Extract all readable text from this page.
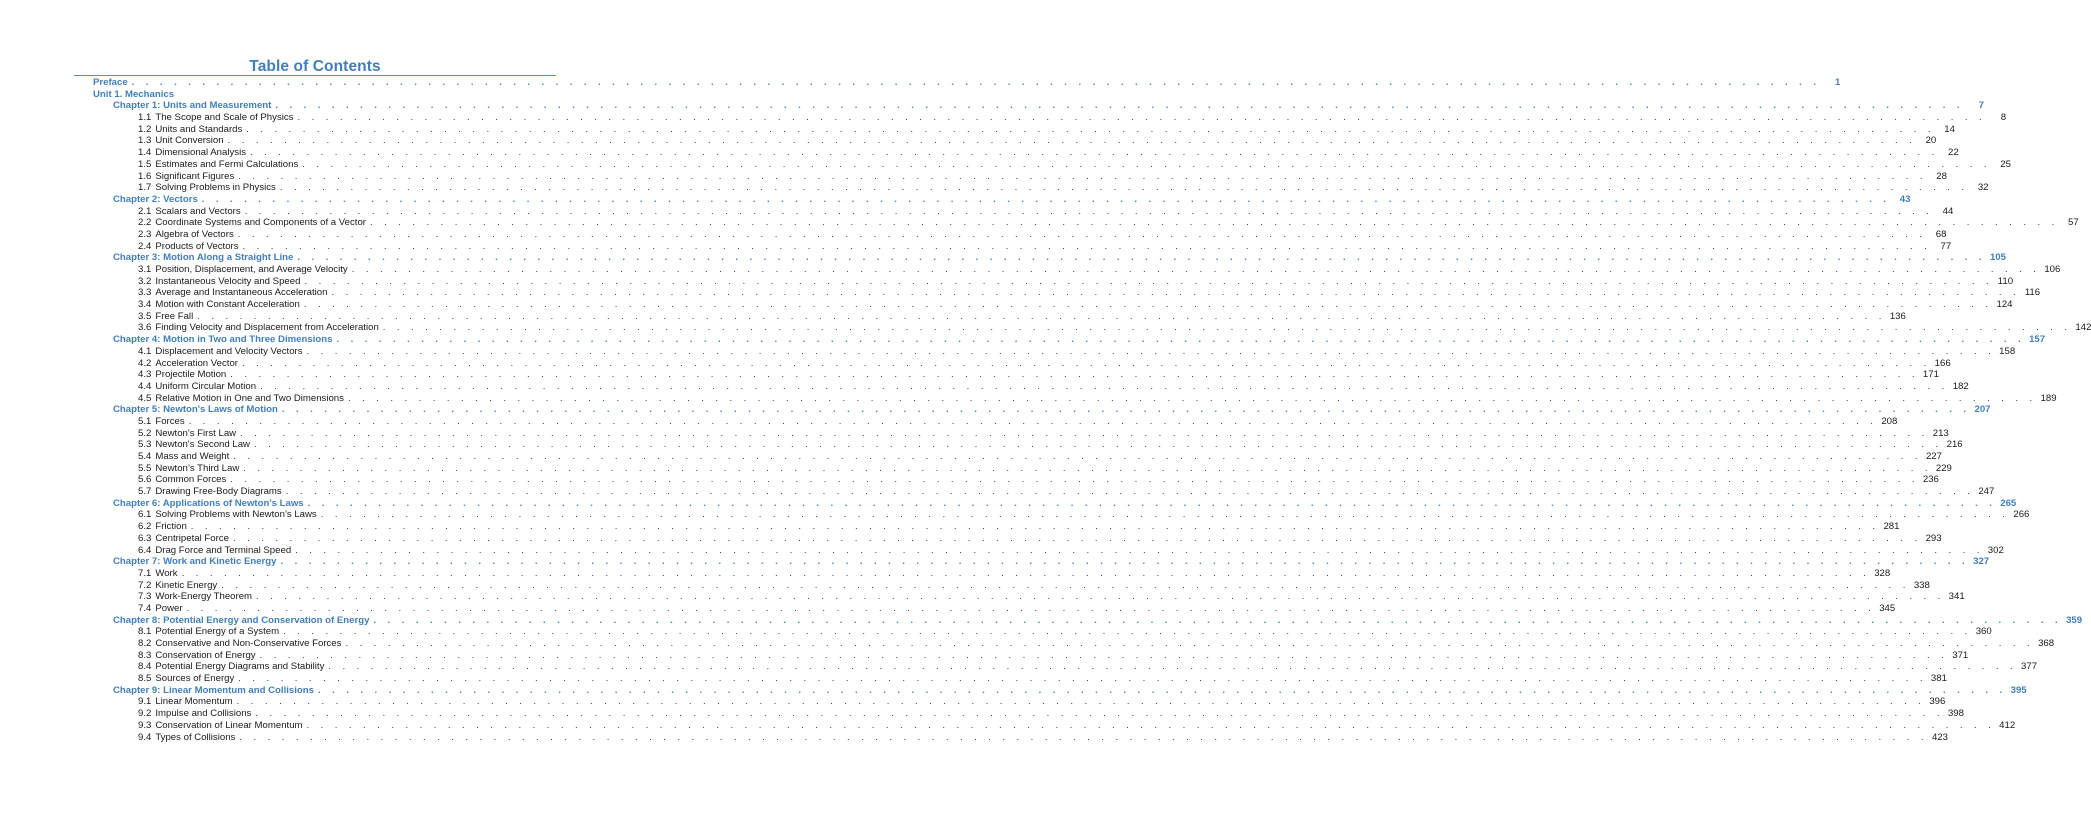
Table of Contents
Preface . . . . . . . . . . . . . . . . . . . . . . . . . . . . . . . . . . . . . . . . . . . . . . . . . . . . . . . . . . . . . . . . . . . . . . . . . . . . . . . . . . . . . . . . . . . . . . . . . . . . . . . . . . . . . . . . . . . . . . . .	1
Unit 1. Mechanics
Chapter 1: Units and Measurement . . . . . . . . . . . . . . . . . . . . . . . . . . . . . . . . . . . . . . . . . . . . . . . . . . . . . . . . . . . . . . . . . . . . . . . . . . . . . . . . . . . . . . . . . . . . . . . . . . . . . . . . . . . . . . . . . . . . . . . .	7
1.1 The Scope and Scale of Physics . . . . . . . . . . . . . . . . . . . . . . . . . . . . . . . . . . . . . . . . . . . . . . . . . . . . . . . . . . . . . . . . . . . . . . . . . . . . . . . . . . . . . . . . . . . . . . . . . . . . . . . . . . . . . . . . . . . . . . . .	8
1.2 Units and Standards . . . . . . . . . . . . . . . . . . . . . . . . . . . . . . . . . . . . . . . . . . . . . . . . . . . . . . . . . . . . . . . . . . . . . . . . . . . . . . . . . . . . . . . . . . . . . . . . . . . . . . . . . . . . . . . . . . . . . . . . 14
1.3 Unit Conversion . . . . . . . . . . . . . . . . . . . . . . . . . . . . . . . . . . . . . . . . . . . . . . . . . . . . . . . . . . . . . . . . . . . . . . . . . . . . . . . . . . . . . . . . . . . . . . . . . . . . . . . . . . . . . . . . . . . . . . . . 20
1.4 Dimensional Analysis . . . . . . . . . . . . . . . . . . . . . . . . . . . . . . . . . . . . . . . . . . . . . . . . . . . . . . . . . . . . . . . . . . . . . . . . . . . . . . . . . . . . . . . . . . . . . . . . . . . . . . . . . . . . . . . . . . . . . . . . 22
1.5 Estimates and Fermi Calculations . . . . . . . . . . . . . . . . . . . . . . . . . . . . . . . . . . . . . . . . . . . . . . . . . . . . . . . . . . . . . . . . . . . . . . . . . . . . . . . . . . . . . . . . . . . . . . . . . . . . . . . . . . . . . . . . . . . . . . . . 25
1.6 Significant Figures . . . . . . . . . . . . . . . . . . . . . . . . . . . . . . . . . . . . . . . . . . . . . . . . . . . . . . . . . . . . . . . . . . . . . . . . . . . . . . . . . . . . . . . . . . . . . . . . . . . . . . . . . . . . . . . . . . . . . . . . 28
1.7 Solving Problems in Physics . . . . . . . . . . . . . . . . . . . . . . . . . . . . . . . . . . . . . . . . . . . . . . . . . . . . . . . . . . . . . . . . . . . . . . . . . . . . . . . . . . . . . . . . . . . . . . . . . . . . . . . . . . . . . . . . . . . . . . . . 32
Chapter 2: Vectors . . . . . . . . . . . . . . . . . . . . . . . . . . . . . . . . . . . . . . . . . . . . . . . . . . . . . . . . . . . . . . . . . . . . . . . . . . . . . . . . . . . . . . . . . . . . . . . . . . . . . . . . . . . . . . . . . . . . . . . . 43
2.1 Scalars and Vectors . . . . . . . . . . . . . . . . . . . . . . . . . . . . . . . . . . . . . . . . . . . . . . . . . . . . . . . . . . . . . . . . . . . . . . . . . . . . . . . . . . . . . . . . . . . . . . . . . . . . . . . . . . . . . . . . . . . . . . . . 44
2.2 Coordinate Systems and Components of a Vector . . . . . . . . . . . . . . . . . . . . . . . . . . . . . . . . . . . . . . . . . . . . . . . . . . . . . . . . . . . . . . . . . . . . . . . . . . . . . . . . . . . . . . . . . . . . . . . . . . . . . . . . . . . . . . . . . . . . . . . . 57
2.3 Algebra of Vectors . . . . . . . . . . . . . . . . . . . . . . . . . . . . . . . . . . . . . . . . . . . . . . . . . . . . . . . . . . . . . . . . . . . . . . . . . . . . . . . . . . . . . . . . . . . . . . . . . . . . . . . . . . . . . . . . . . . . . . . . 68
2.4 Products of Vectors . . . . . . . . . . . . . . . . . . . . . . . . . . . . . . . . . . . . . . . . . . . . . . . . . . . . . . . . . . . . . . . . . . . . . . . . . . . . . . . . . . . . . . . . . . . . . . . . . . . . . . . . . . . . . . . . . . . . . . . . 77
Chapter 3: Motion Along a Straight Line . . . . . . . . . . . . . . . . . . . . . . . . . . . . . . . . . . . . . . . . . . . . . . . . . . . . . . . . . . . . . . . . . . . . . . . . . . . . . . . . . . . . . . . . . . . . . . . . . . . . . . . . . . . . . . . . . . . . . . . . 105
3.1 Position, Displacement, and Average Velocity . . . . . . . . . . . . . . . . . . . . . . . . . . . . . . . . . . . . . . . . . . . . . . . . . . . . . . . . . . . . . . . . . . . . . . . . . . . . . . . . . . . . . . . . . . . . . . . . . . . . . . . . . . . . . . . . . . . . . . . . 106
3.2 Instantaneous Velocity and Speed . . . . . . . . . . . . . . . . . . . . . . . . . . . . . . . . . . . . . . . . . . . . . . . . . . . . . . . . . . . . . . . . . . . . . . . . . . . . . . . . . . . . . . . . . . . . . . . . . . . . . . . . . . . . . . . . . . . . . . . . 110
3.3 Average and Instantaneous Acceleration . . . . . . . . . . . . . . . . . . . . . . . . . . . . . . . . . . . . . . . . . . . . . . . . . . . . . . . . . . . . . . . . . . . . . . . . . . . . . . . . . . . . . . . . . . . . . . . . . . . . . . . . . . . . . . . . . . . . . . . . 116
3.4 Motion with Constant Acceleration . . . . . . . . . . . . . . . . . . . . . . . . . . . . . . . . . . . . . . . . . . . . . . . . . . . . . . . . . . . . . . . . . . . . . . . . . . . . . . . . . . . . . . . . . . . . . . . . . . . . . . . . . . . . . . . . . . . . . . . . 124
3.5 Free Fall . . . . . . . . . . . . . . . . . . . . . . . . . . . . . . . . . . . . . . . . . . . . . . . . . . . . . . . . . . . . . . . . . . . . . . . . . . . . . . . . . . . . . . . . . . . . . . . . . . . . . . . . . . . . . . . . . . . . . . . . 136
3.6 Finding Velocity and Displacement from Acceleration . . . . . . . . . . . . . . . . . . . . . . . . . . . . . . . . . . . . . . . . . . . . . . . . . . . . . . . . . . . . . . . . . . . . . . . . . . . . . . . . . . . . . . . . . . . . . . . . . . . . . . . . . . . . . . . . . . . . . . . . 142
Chapter 4: Motion in Two and Three Dimensions . . . . . . . . . . . . . . . . . . . . . . . . . . . . . . . . . . . . . . . . . . . . . . . . . . . . . . . . . . . . . . . . . . . . . . . . . . . . . . . . . . . . . . . . . . . . . . . . . . . . . . . . . . . . . . . . . . . . . . . . 157
4.1 Displacement and Velocity Vectors . . . . . . . . . . . . . . . . . . . . . . . . . . . . . . . . . . . . . . . . . . . . . . . . . . . . . . . . . . . . . . . . . . . . . . . . . . . . . . . . . . . . . . . . . . . . . . . . . . . . . . . . . . . . . . . . . . . . . . . . 158
4.2 Acceleration Vector . . . . . . . . . . . . . . . . . . . . . . . . . . . . . . . . . . . . . . . . . . . . . . . . . . . . . . . . . . . . . . . . . . . . . . . . . . . . . . . . . . . . . . . . . . . . . . . . . . . . . . . . . . . . . . . . . . . . . . . . 166
4.3 Projectile Motion . . . . . . . . . . . . . . . . . . . . . . . . . . . . . . . . . . . . . . . . . . . . . . . . . . . . . . . . . . . . . . . . . . . . . . . . . . . . . . . . . . . . . . . . . . . . . . . . . . . . . . . . . . . . . . . . . . . . . . . . 171
4.4 Uniform Circular Motion . . . . . . . . . . . . . . . . . . . . . . . . . . . . . . . . . . . . . . . . . . . . . . . . . . . . . . . . . . . . . . . . . . . . . . . . . . . . . . . . . . . . . . . . . . . . . . . . . . . . . . . . . . . . . . . . . . . . . . . . 182
4.5 Relative Motion in One and Two Dimensions . . . . . . . . . . . . . . . . . . . . . . . . . . . . . . . . . . . . . . . . . . . . . . . . . . . . . . . . . . . . . . . . . . . . . . . . . . . . . . . . . . . . . . . . . . . . . . . . . . . . . . . . . . . . . . . . . . . . . . . . 189
Chapter 5: Newton's Laws of Motion . . . . . . . . . . . . . . . . . . . . . . . . . . . . . . . . . . . . . . . . . . . . . . . . . . . . . . . . . . . . . . . . . . . . . . . . . . . . . . . . . . . . . . . . . . . . . . . . . . . . . . . . . . . . . . . . . . . . . . . . 207
5.1 Forces . . . . . . . . . . . . . . . . . . . . . . . . . . . . . . . . . . . . . . . . . . . . . . . . . . . . . . . . . . . . . . . . . . . . . . . . . . . . . . . . . . . . . . . . . . . . . . . . . . . . . . . . . . . . . . . . . . . . . . . . 208
5.2 Newton's First Law . . . . . . . . . . . . . . . . . . . . . . . . . . . . . . . . . . . . . . . . . . . . . . . . . . . . . . . . . . . . . . . . . . . . . . . . . . . . . . . . . . . . . . . . . . . . . . . . . . . . . . . . . . . . . . . . . . . . . . . . 213
5.3 Newton's Second Law . . . . . . . . . . . . . . . . . . . . . . . . . . . . . . . . . . . . . . . . . . . . . . . . . . . . . . . . . . . . . . . . . . . . . . . . . . . . . . . . . . . . . . . . . . . . . . . . . . . . . . . . . . . . . . . . . . . . . . . . 216
5.4 Mass and Weight . . . . . . . . . . . . . . . . . . . . . . . . . . . . . . . . . . . . . . . . . . . . . . . . . . . . . . . . . . . . . . . . . . . . . . . . . . . . . . . . . . . . . . . . . . . . . . . . . . . . . . . . . . . . . . . . . . . . . . . . 227
5.5 Newton’s Third Law . . . . . . . . . . . . . . . . . . . . . . . . . . . . . . . . . . . . . . . . . . . . . . . . . . . . . . . . . . . . . . . . . . . . . . . . . . . . . . . . . . . . . . . . . . . . . . . . . . . . . . . . . . . . . . . . . . . . . . . . 229
5.6 Common Forces . . . . . . . . . . . . . . . . . . . . . . . . . . . . . . . . . . . . . . . . . . . . . . . . . . . . . . . . . . . . . . . . . . . . . . . . . . . . . . . . . . . . . . . . . . . . . . . . . . . . . . . . . . . . . . . . . . . . . . . . 236
5.7 Drawing Free-Body Diagrams . . . . . . . . . . . . . . . . . . . . . . . . . . . . . . . . . . . . . . . . . . . . . . . . . . . . . . . . . . . . . . . . . . . . . . . . . . . . . . . . . . . . . . . . . . . . . . . . . . . . . . . . . . . . . . . . . . . . . . . . 247
Chapter 6: Applications of Newton's Laws . . . . . . . . . . . . . . . . . . . . . . . . . . . . . . . . . . . . . . . . . . . . . . . . . . . . . . . . . . . . . . . . . . . . . . . . . . . . . . . . . . . . . . . . . . . . . . . . . . . . . . . . . . . . . . . . . . . . . . . . 265
6.1 Solving Problems with Newton’s Laws . . . . . . . . . . . . . . . . . . . . . . . . . . . . . . . . . . . . . . . . . . . . . . . . . . . . . . . . . . . . . . . . . . . . . . . . . . . . . . . . . . . . . . . . . . . . . . . . . . . . . . . . . . . . . . . . . . . . . . . . 266
6.2 Friction . . . . . . . . . . . . . . . . . . . . . . . . . . . . . . . . . . . . . . . . . . . . . . . . . . . . . . . . . . . . . . . . . . . . . . . . . . . . . . . . . . . . . . . . . . . . . . . . . . . . . . . . . . . . . . . . . . . . . . . . 281
6.3 Centripetal Force . . . . . . . . . . . . . . . . . . . . . . . . . . . . . . . . . . . . . . . . . . . . . . . . . . . . . . . . . . . . . . . . . . . . . . . . . . . . . . . . . . . . . . . . . . . . . . . . . . . . . . . . . . . . . . . . . . . . . . . . 293
6.4 Drag Force and Terminal Speed . . . . . . . . . . . . . . . . . . . . . . . . . . . . . . . . . . . . . . . . . . . . . . . . . . . . . . . . . . . . . . . . . . . . . . . . . . . . . . . . . . . . . . . . . . . . . . . . . . . . . . . . . . . . . . . . . . . . . . . . 302
Chapter 7: Work and Kinetic Energy . . . . . . . . . . . . . . . . . . . . . . . . . . . . . . . . . . . . . . . . . . . . . . . . . . . . . . . . . . . . . . . . . . . . . . . . . . . . . . . . . . . . . . . . . . . . . . . . . . . . . . . . . . . . . . . . . . . . . . . . 327
7.1 Work . . . . . . . . . . . . . . . . . . . . . . . . . . . . . . . . . . . . . . . . . . . . . . . . . . . . . . . . . . . . . . . . . . . . . . . . . . . . . . . . . . . . . . . . . . . . . . . . . . . . . . . . . . . . . . . . . . . . . . . . 328
7.2 Kinetic Energy . . . . . . . . . . . . . . . . . . . . . . . . . . . . . . . . . . . . . . . . . . . . . . . . . . . . . . . . . . . . . . . . . . . . . . . . . . . . . . . . . . . . . . . . . . . . . . . . . . . . . . . . . . . . . . . . . . . . . . . . 338
7.3 Work-Energy Theorem . . . . . . . . . . . . . . . . . . . . . . . . . . . . . . . . . . . . . . . . . . . . . . . . . . . . . . . . . . . . . . . . . . . . . . . . . . . . . . . . . . . . . . . . . . . . . . . . . . . . . . . . . . . . . . . . . . . . . . . . 341
7.4 Power . . . . . . . . . . . . . . . . . . . . . . . . . . . . . . . . . . . . . . . . . . . . . . . . . . . . . . . . . . . . . . . . . . . . . . . . . . . . . . . . . . . . . . . . . . . . . . . . . . . . . . . . . . . . . . . . . . . . . . . . 345
Chapter 8: Potential Energy and Conservation of Energy . . . . . . . . . . . . . . . . . . . . . . . . . . . . . . . . . . . . . . . . . . . . . . . . . . . . . . . . . . . . . . . . . . . . . . . . . . . . . . . . . . . . . . . . . . . . . . . . . . . . . . . . . . . . . . . . . . . . . . . . 359
8.1 Potential Energy of a System . . . . . . . . . . . . . . . . . . . . . . . . . . . . . . . . . . . . . . . . . . . . . . . . . . . . . . . . . . . . . . . . . . . . . . . . . . . . . . . . . . . . . . . . . . . . . . . . . . . . . . . . . . . . . . . . . . . . . . . . 360
8.2 Conservative and Non-Conservative Forces . . . . . . . . . . . . . . . . . . . . . . . . . . . . . . . . . . . . . . . . . . . . . . . . . . . . . . . . . . . . . . . . . . . . . . . . . . . . . . . . . . . . . . . . . . . . . . . . . . . . . . . . . . . . . . . . . . . . . . . . 368
8.3 Conservation of Energy . . . . . . . . . . . . . . . . . . . . . . . . . . . . . . . . . . . . . . . . . . . . . . . . . . . . . . . . . . . . . . . . . . . . . . . . . . . . . . . . . . . . . . . . . . . . . . . . . . . . . . . . . . . . . . . . . . . . . . . . 371
8.4 Potential Energy Diagrams and Stability . . . . . . . . . . . . . . . . . . . . . . . . . . . . . . . . . . . . . . . . . . . . . . . . . . . . . . . . . . . . . . . . . . . . . . . . . . . . . . . . . . . . . . . . . . . . . . . . . . . . . . . . . . . . . . . . . . . . . . . . 377
8.5 Sources of Energy . . . . . . . . . . . . . . . . . . . . . . . . . . . . . . . . . . . . . . . . . . . . . . . . . . . . . . . . . . . . . . . . . . . . . . . . . . . . . . . . . . . . . . . . . . . . . . . . . . . . . . . . . . . . . . . . . . . . . . . . 381
Chapter 9: Linear Momentum and Collisions . . . . . . . . . . . . . . . . . . . . . . . . . . . . . . . . . . . . . . . . . . . . . . . . . . . . . . . . . . . . . . . . . . . . . . . . . . . . . . . . . . . . . . . . . . . . . . . . . . . . . . . . . . . . . . . . . . . . . . . . 395
9.1 Linear Momentum . . . . . . . . . . . . . . . . . . . . . . . . . . . . . . . . . . . . . . . . . . . . . . . . . . . . . . . . . . . . . . . . . . . . . . . . . . . . . . . . . . . . . . . . . . . . . . . . . . . . . . . . . . . . . . . . . . . . . . . . 396
9.2 Impulse and Collisions . . . . . . . . . . . . . . . . . . . . . . . . . . . . . . . . . . . . . . . . . . . . . . . . . . . . . . . . . . . . . . . . . . . . . . . . . . . . . . . . . . . . . . . . . . . . . . . . . . . . . . . . . . . . . . . . . . . . . . . . 398
9.3 Conservation of Linear Momentum . . . . . . . . . . . . . . . . . . . . . . . . . . . . . . . . . . . . . . . . . . . . . . . . . . . . . . . . . . . . . . . . . . . . . . . . . . . . . . . . . . . . . . . . . . . . . . . . . . . . . . . . . . . . . . . . . . . . . . . . 412
9.4 Types of Collisions . . . . . . . . . . . . . . . . . . . . . . . . . . . . . . . . . . . . . . . . . . . . . . . . . . . . . . . . . . . . . . . . . . . . . . . . . . . . . . . . . . . . . . . . . . . . . . . . . . . . . . . . . . . . . . . . . . . . . . . . 423
